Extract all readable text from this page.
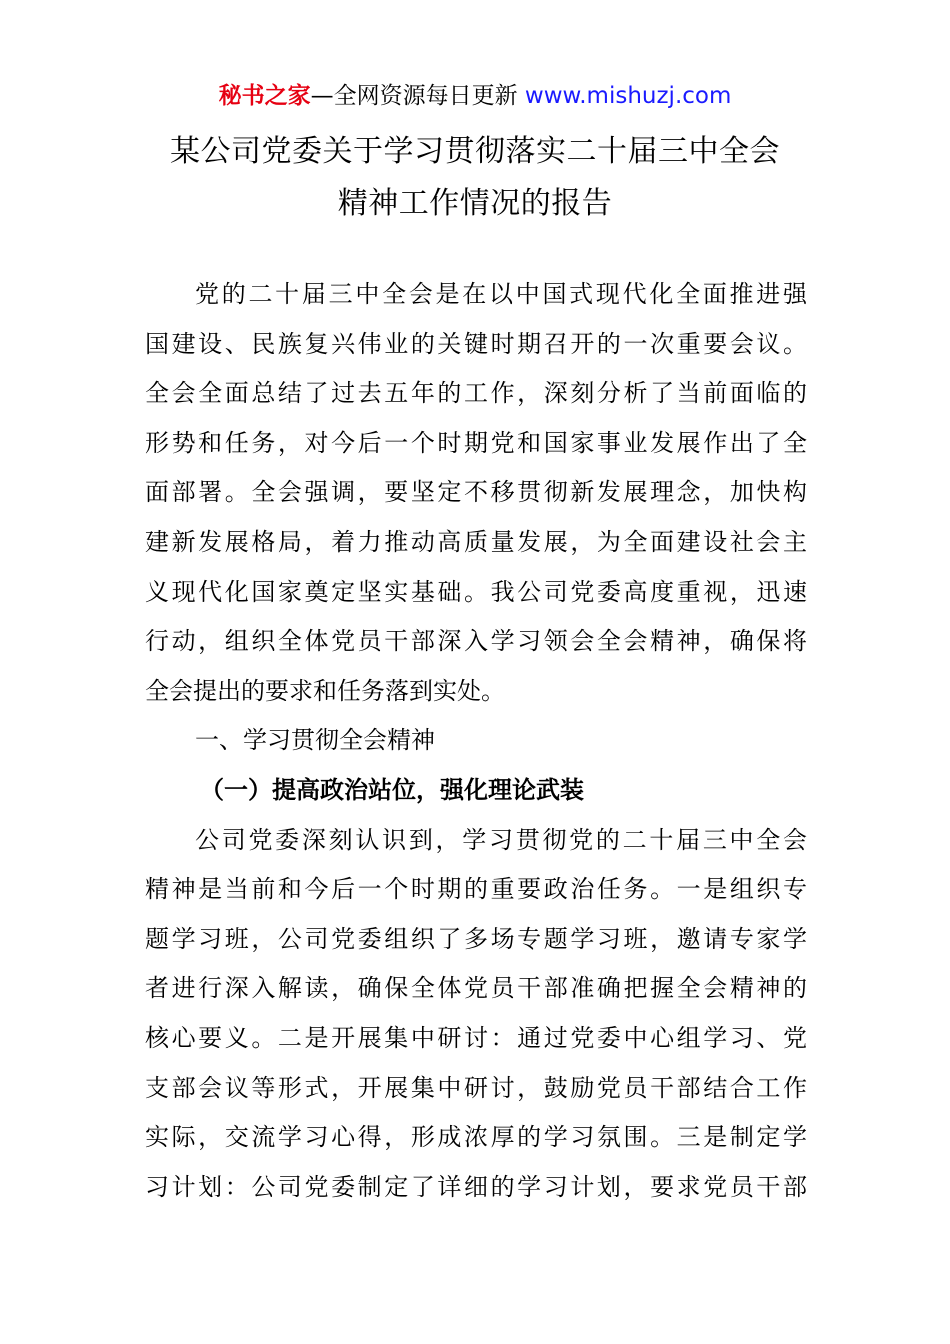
秘书之家—全网资源每日更新 www.mishuzj.com
某公司党委关于学习贯彻落实二十届三中全会
精神工作情况的报告
党的二十届三中全会是在以中国式现代化全面推进强
国建设、民族复兴伟业的关键时期召开的一次重要会议。
全会全面总结了过去五年的工作，深刻分析了当前面临的
形势和任务，对今后一个时期党和国家事业发展作出了全
面部署。全会强调，要坚定不移贯彻新发展理念，加快构
建新发展格局，着力推动高质量发展，为全面建设社会主
义现代化国家奠定坚实基础。我公司党委高度重视，迅速
行动，组织全体党员干部深入学习领会全会精神，确保将
全会提出的要求和任务落到实处。
一、学习贯彻全会精神
（一）提高政治站位，强化理论武装
公司党委深刻认识到，学习贯彻党的二十届三中全会
精神是当前和今后一个时期的重要政治任务。一是组织专
题学习班，公司党委组织了多场专题学习班，邀请专家学
者进行深入解读，确保全体党员干部准确把握全会精神的
核心要义。二是开展集中研讨：通过党委中心组学习、党
支部会议等形式，开展集中研讨，鼓励党员干部结合工作
实际，交流学习心得，形成浓厚的学习氛围。三是制定学
习计划：公司党委制定了详细的学习计划，要求党员干部
